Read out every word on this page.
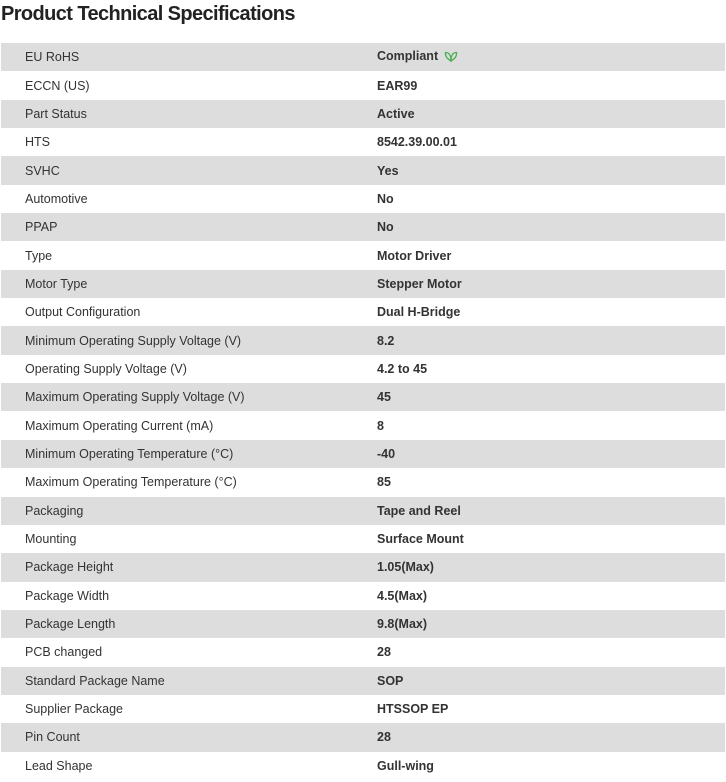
Product Technical Specifications
EU RoHS	Compliant
ECCN (US)	EAR99
Part Status	Active
HTS	8542.39.00.01
SVHC	Yes
Automotive	No
PPAP	No
Type	Motor Driver
Motor Type	Stepper Motor
Output Configuration	Dual H-Bridge
Minimum Operating Supply Voltage (V)	8.2
Operating Supply Voltage (V)	4.2 to 45
Maximum Operating Supply Voltage (V)	45
Maximum Operating Current (mA)	8
Minimum Operating Temperature (°C)	-40
Maximum Operating Temperature (°C)	85
Packaging	Tape and Reel
Mounting	Surface Mount
Package Height	1.05(Max)
Package Width	4.5(Max)
Package Length	9.8(Max)
PCB changed	28
Standard Package Name	SOP
Supplier Package	HTSSOP EP
Pin Count	28
Lead Shape	Gull-wing
